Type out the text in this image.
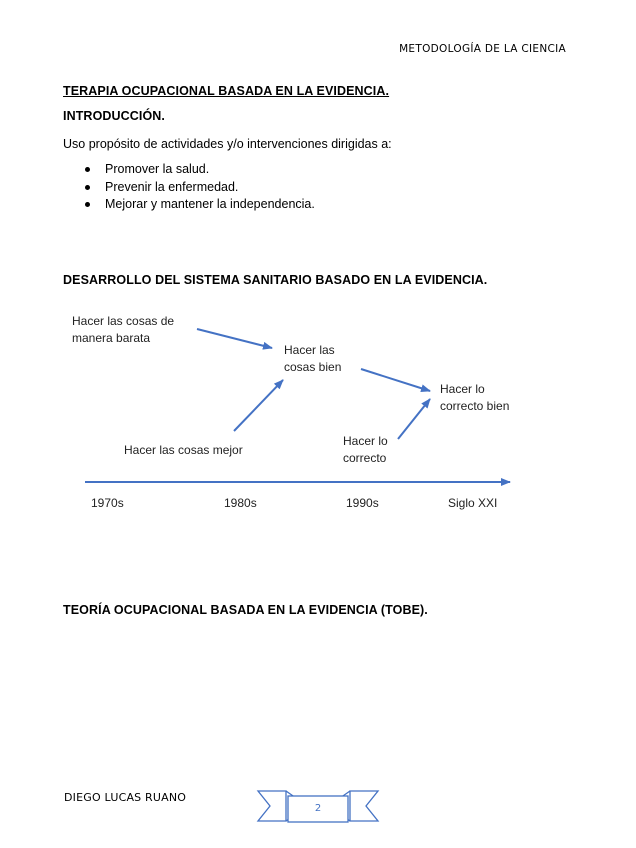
METODOLOGÍA DE LA CIENCIA
TERAPIA OCUPACIONAL BASADA EN LA EVIDENCIA.
INTRODUCCIÓN.
Uso propósito de actividades y/o intervenciones dirigidas a:
Promover la salud.
Prevenir la enfermedad.
Mejorar y mantener la independencia.
DESARROLLO DEL SISTEMA SANITARIO BASADO EN LA EVIDENCIA.
Hacer las cosas de
manera barata
Hacer las
cosas bien
Hacer lo
correcto bien
Hacer las cosas mejor
Hacer lo
correcto
1970s	1980s	1990s	Siglo XXI
TEORÍA OCUPACIONAL BASADA EN LA EVIDENCIA (TOBE).
DIEGO LUCAS RUANO
2
